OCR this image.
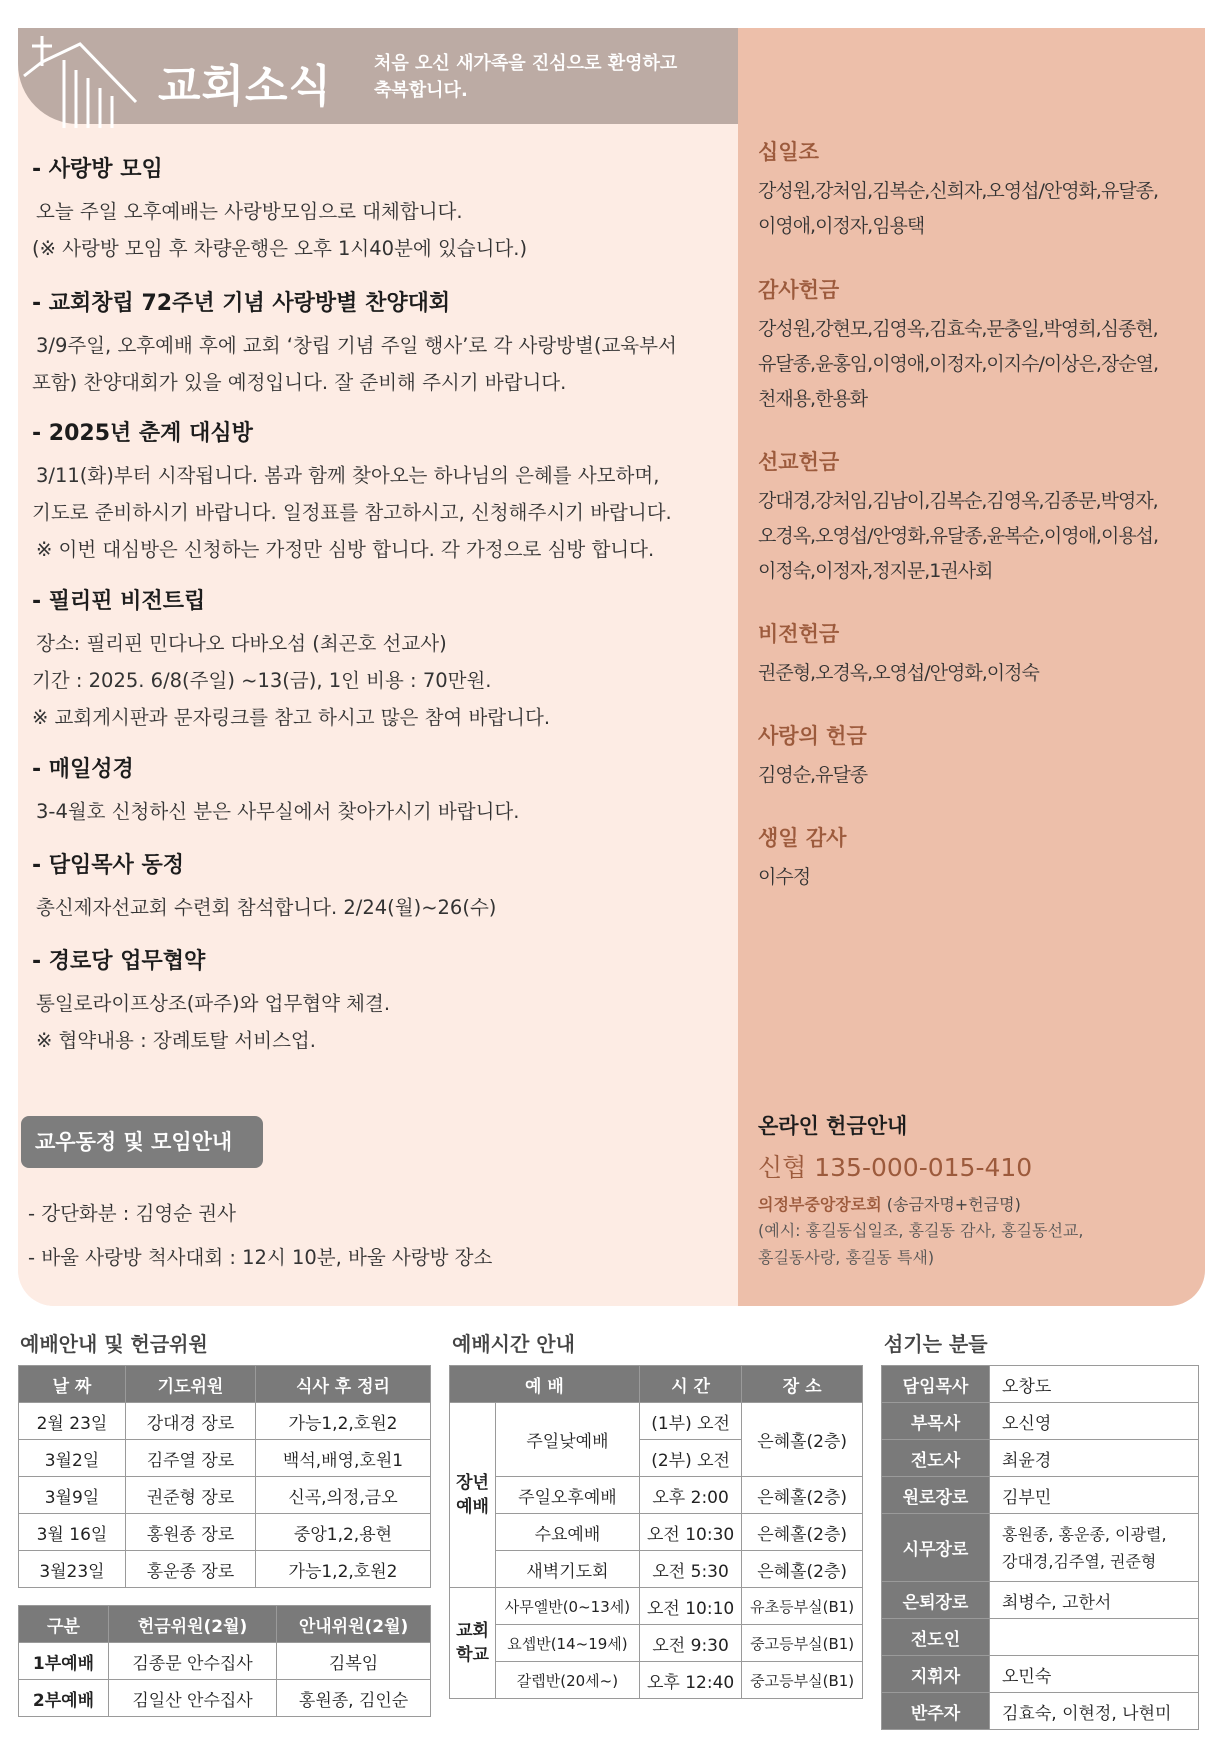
교회소식 처음 오신 새가족을 진심으로 환영하고
축복합니다.
- 사랑방 모임

오늘 주일 오후예배는 사랑방모임으로 대체합니다.

(※ 사랑방 모임 후 차량운행은 오후 1시40분에 있습니다.)

- 교회창립 72주년 기념 사랑방별 찬양대회

3/9주일, 오후예배 후에 교회 ‘창립 기념 주일 행사’로 각 사랑방별(교육부서

포함) 찬양대회가 있을 예정입니다. 잘 준비해 주시기 바랍니다.

- 2025년 춘계 대심방

3/11(화)부터 시작됩니다. 봄과 함께 찾아오는 하나님의 은혜를 사모하며,

기도로 준비하시기 바랍니다. 일정표를 참고하시고, 신청해주시기 바랍니다.

※ 이번 대심방은 신청하는 가정만 심방 합니다. 각 가정으로 심방 합니다.

- 필리핀 비전트립

장소: 필리핀 민다나오 다바오섬 (최곤호 선교사)

기간 : 2025. 6/8(주일) ~13(금), 1인 비용 : 70만원.

※ 교회게시판과 문자링크를 참고 하시고 많은 참여 바랍니다.

- 매일성경

3-4월호 신청하신 분은 사무실에서 찾아가시기 바랍니다.

- 담임목사 동정

총신제자선교회 수련회 참석합니다. 2/24(월)~26(수)

- 경로당 업무협약

통일로라이프상조(파주)와 업무협약 체결.

※ 협약내용 : 장례토탈 서비스업.

교우동정 및 모임안내
- 강단화분 : 김영순 권사
- 바울 사랑방 척사대회 : 12시 10분, 바울 사랑방 장소
십일조
강성원,강처임,김복순,신희자,오영섭/안영화,유달종,
이영애,이정자,임용택
감사헌금
강성원,강현모,김영옥,김효숙,문충일,박영희,심종현,
유달종,윤홍임,이영애,이정자,이지수/이상은,장순열,
천재용,한용화
선교헌금
강대경,강처임,김남이,김복순,김영옥,김종문,박영자,
오경옥,오영섭/안영화,유달종,윤복순,이영애,이용섭,
이정숙,이정자,정지문,1권사회
비전헌금
권준형,오경옥,오영섭/안영화,이정숙
사랑의 헌금
김영순,유달종
생일 감사
이수정
온라인 헌금안내
신협 135-000-015-410
의정부중앙장로회 (송금자명+헌금명)
(예시: 홍길동십일조, 홍길동 감사, 홍길동선교,
홍길동사랑, 홍길동 특새)
예배안내 및 헌금위원
날 짜	기도위원	식사 후 정리
2월 23일	강대경 장로	가능1,2,호원2
3월2일	김주열 장로	백석,배영,호원1
3월9일	권준형 장로	신곡,의정,금오
3월 16일	홍원종 장로	중앙1,2,용현
3월23일	홍운종 장로	가능1,2,호원2
구분	헌금위원(2월)	안내위원(2월)
1부예배	김종문 안수집사	김복임
2부예배	김일산 안수집사	홍원종, 김인순
예배시간 안내
예 배		시 간	장 소
장년 예배	주일낮예배	(1부) 오전	은혜홀(2층)
		(2부) 오전	
	주일오후예배	오후 2:00	은혜홀(2층)
	수요예배	오전 10:30	은혜홀(2층)
	새벽기도회	오전 5:30	은혜홀(2층)
교회 학교	사무엘반(0~13세)	오전 10:10	유초등부실(B1)
	요셉반(14~19세)	오전 9:30	중고등부실(B1)
	갈렙반(20세~)	오후 12:40	중고등부실(B1)
섬기는 분들
담임목사	오창도
부목사	오신영
전도사	최윤경
원로장로	김부민
시무장로	홍원종, 홍운종, 이광렬,
강대경,김주열, 권준형

은퇴장로	최병수, 고한서
전도인	
지휘자	오민숙
반주자	김효숙, 이현정, 나현미
